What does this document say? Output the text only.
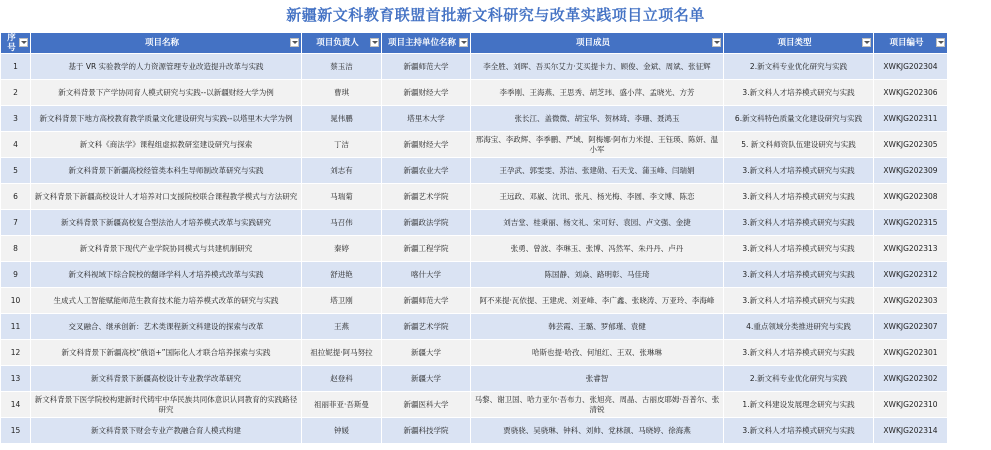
新疆新文科教育联盟首批新文科研究与改革实践项目立项名单
序号	项目名称	项目负责人	项目主持单位名称	项目成员	项目类型	项目编号	

1	基于 VR 实验教学的人力资源管理专业改造提升改革与实践	蔡玉洁	新疆师范大学	李全胜、刘晖、吾买尔艾力·艾买提卡力、顾俊、金斌、周斌、张征辉	2.新文科专业优化研究与实践	XWKJG202304	
2	新文科背景下产学协同育人模式研究与实践--以新疆财经大学为例	曹琪	新疆财经大学	李季刚、王海燕、王思秀、胡芝玮、盛小萍、孟晓光、方芳	3.新文科人才培养模式研究与实践	XWKJG202306	
3	新文科背景下地方高校教育教学质量文化建设研究与实践--以塔里木大学为例	晁伟鹏	塔里木大学	张长江、盖微微、胡宝华、贺林琦、李珊、聂鸿玉	6.新文科特色质量文化建设研究与实践	XWKJG202311	
4	新文科《商法学》课程组虚拟教研室建设研究与探索	丁洁	新疆财经大学	邢海宝、李政辉、李季鹏、严域、阿梅娜·阿布力米提、王钰瑛、陈妍、温小军	5. 新文科师资队伍建设研究与实践	XWKJG202305	
5	新文科背景下新疆高校经管类本科生导师制改革研究与实践	刘志有	新疆农业大学	王孕武、郭雯雯、苏洁、张建勋、石天戈、蒲玉峰、闫瑞娟	3.新文科人才培养模式研究与实践	XWKJG202309	
6	新文科背景下新疆高校设计人才培养对口支援院校联合课程教学模式与方法研究	马瑞菊	新疆艺术学院	王远政、邓崴、沈讯、张凡、杨光梅、李圆、李文博、陈恋	3.新文科人才培养模式研究与实践	XWKJG202308	
7	新文科背景下新疆高校复合型法治人才培养模式改革与实践研究	马召伟	新疆政法学院	刘吉堂、桂秉丽、杨文礼、宋可好、袁园、卢文强、金捷	3.新文科人才培养模式研究与实践	XWKJG202315	
8	新文科背景下现代产业学院协同模式与共建机制研究	秦婷	新疆工程学院	张勇、曾波、李琳玉、张博、冯然军、朱丹丹、卢丹	3.新文科人才培养模式研究与实践	XWKJG202313	
9	新文科视域下综合院校的翻译学科人才培养模式改革与实践	舒进艳	喀什大学	陈国静、刘焱、路明彰、马佳琦	3.新文科人才培养模式研究与实践	XWKJG202312	
10	生成式人工智能赋能师范生教育技术能力培养模式改革的研究与实践	塔卫刚	新疆师范大学	阿不来提·瓦依提、王建虎、刘亚峰、李广鑫、张晓涛、万亚玲、李海峰	3.新文科人才培养模式研究与实践	XWKJG202303	
11	交叉融合、继承创新：艺术类课程新文科建设的探索与改革	王燕	新疆艺术学院	韩芸霞、王璐、罗郁瑾、袁健	4.重点领域分类推进研究与实践	XWKJG202307	
12	新文科背景下新疆高校“俄语+”国际化人才联合培养探索与实践	祖拉妮提·阿马努拉	新疆大学	哈斯也提·哈孜、何旭红、王双、张琳琳	3.新文科人才培养模式研究与实践	XWKJG202301	
13	新文科背景下新疆高校设计专业教学改革研究	赵登科	新疆大学	张睿智	2.新文科专业优化研究与实践	XWKJG202302	
14	新文科背景下医学院校构建新时代铸牢中华民族共同体意识认同教育的实践路径研究	祖丽菲亚·吾斯曼	新疆医科大学	马黎、谢卫国、哈力亚尔·吾布力、张旭亮、周晶、古丽皮耶姆·吾普尔、张清锐	1.新文科建设发展理念研究与实践	XWKJG202310	
15	新文科背景下财会专业产教融合育人模式构建	钟媛	新疆科技学院	贾骁骁、吴骁琳、钟科、刘帅、党林颉、马晓婷、徐海燕	3.新文科人才培养模式研究与实践	XWKJG202314	
